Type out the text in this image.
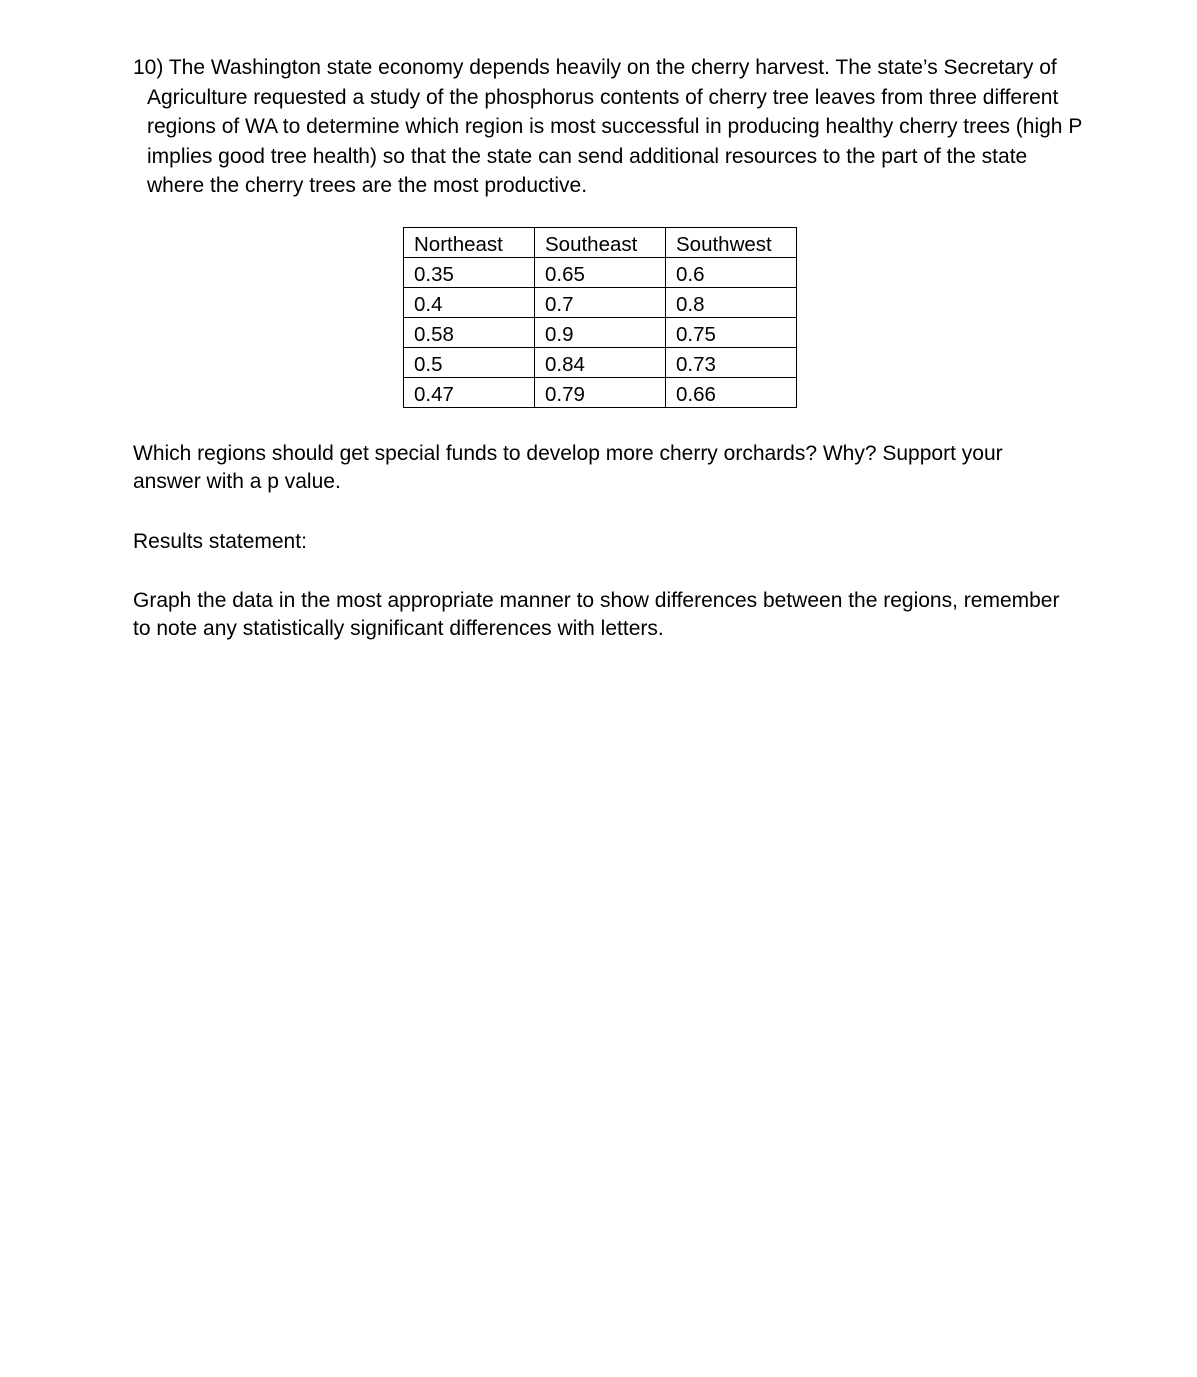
10) The Washington state economy depends heavily on the cherry harvest. The state’s Secretary of Agriculture requested a study of the phosphorus contents of cherry tree leaves from three different regions of WA to determine which region is most successful in producing healthy cherry trees (high P implies good tree health) so that the state can send additional resources to the part of the state where the cherry trees are the most productive.
Northeast	Southeast	Southwest
0.35	0.65	0.6
0.4	0.7	0.8
0.58	0.9	0.75
0.5	0.84	0.73
0.47	0.79	0.66
Which regions should get special funds to develop more cherry orchards? Why? Support your answer with a p value.
Results statement:
Graph the data in the most appropriate manner to show differences between the regions, remember to note any statistically significant differences with letters.
